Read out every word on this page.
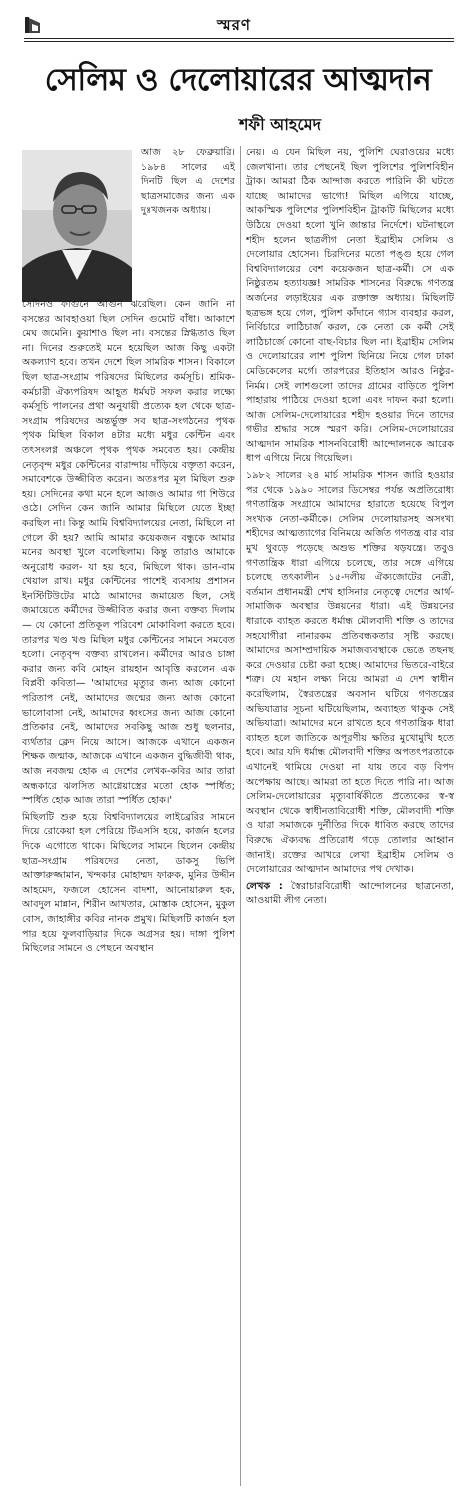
স্মরণ
সেলিম ও দেলোয়ারের আত্মদান
শফী আহমেদ

আজ ২৮ ফেব্রুয়ারি। ১৯৮৪ সালের এই দিনটি ছিল এ দেশের ছাত্রসমাজের জন্য এক দুঃখজনক অধ্যায়।

সেদিনও ফাগুনে আগুন ঝরেছিল। কেন জানি না বসন্তের আবহাওয়া ছিল সেদিন গুমোট বাঁধা। আকাশে মেঘ জমেনি। কুয়াশাও ছিল না। বসন্তের স্নিগ্ধতাও ছিল না। দিনের শুরুতেই মনে হয়েছিল আজ কিছু একটা অকল্যাণ হবে। তখন দেশে ছিল সামরিক শাসন। বিকালে ছিল ছাত্র-সংগ্রাম পরিষদের মিছিলের কর্মসূচি। শ্রমিক-কর্মচারী ঐক্যপরিষদ আহূত ধর্মঘট সফল করার লক্ষ্যে কর্মসূচি পালনের প্রথা অনুযায়ী প্রত্যেক হল থেকে ছাত্র-সংগ্রাম পরিষদের অন্তর্ভুক্ত সব ছাত্র-সংগঠনের পৃথক পৃথক মিছিল বিকাল ৪টার মধ্যে মধুর কেন্টিন এবং তৎসংলগ্ন অঞ্চলে পৃথক পৃথক সমবেত হয়। কেন্দ্রীয় নেতৃবৃন্দ মধুর কেন্টিনের বারান্দায় দাঁড়িয়ে বক্তৃতা করেন, সমাবেশকে উজ্জীবিত করেন। অতঃপর মূল মিছিল শুরু হয়। সেদিনের কথা মনে হলে আজও আমার গা শিউরে ওঠে। সেদিন কেন জানি আমার মিছিলে যেতে ইচ্ছা করছিল না। কিন্তু আমি বিশ্ববিদ্যালয়ের নেতা, মিছিলে না গেলে কী হয়? আমি আমার কয়েকজন বন্ধুকে আমার মনের অবস্থা খুলে বলেছিলাম। কিন্তু তারাও আমাকে অনুরোধ করল- যা হয় হবে, মিছিলে থাক। ডান-বাম খেয়াল রাখ। মধুর কেন্টিনের পাশেই ব্যবসায় প্রশাসন ইনস্টিটিউটের মাঠে আমাদের জমায়েত ছিল, সেই জমায়েতে কর্মীদের উজ্জীবিত করার জন্য বক্তব্য দিলাম— যে কোনো প্রতিকূল পরিবেশ মোকাবিলা করতে হবে। তারপর খণ্ড খণ্ড মিছিল মধুর কেন্টিনের সামনে সমবেত হলো। নেতৃবৃন্দ বক্তব্য রাখলেন। কর্মীদের আরও চাঙ্গা করার জন্য কবি মোহন রায়হান আবৃত্তি করলেন এক বিপ্লবী কবিতা— 'আমাদের মৃত্যুর জন্য আজ কোনো পরিতাপ নেই, আমাদের জন্মের জন্য আজ কোনো ভালোবাসা নেই, আমাদের ধ্বংসের জন্য আজ কোনো প্রতিকার নেই, আমাদের সবকিছু আজ শুধু ছলনার, ব্যর্থতার ক্লেদ নিয়ে আসে। আজকে এখানে একজন শিক্ষক জন্মাক, আজকে এখানে একজন বুদ্ধিজীবী থাক, আজ নবজন্ম হোক এ দেশের লেখক-কবির আর তারা অন্ধকারে ঝলসিত আগ্নেয়াস্ত্রের মতো হোক স্পর্ধিত; স্পর্ধিত হোক আজ তারা স্পর্ধিত হোক।'

মিছিলটি শুরু হয়ে বিশ্ববিদ্যালয়ের লাইব্রেরির সামনে দিয়ে রোকেয়া হল পেরিয়ে টিএসসি হয়ে, কার্জন হলের দিকে এগোতে থাকে। মিছিলের সামনে ছিলেন কেন্দ্রীয় ছাত্র-সংগ্রাম পরিষদের নেতা, ডাকসু ভিপি আক্তারুজ্জামান, খন্দকার মোহাম্মদ ফারুক, মুনির উদ্দীন আহমেদ, ফজলে হোসেন বাদশা, আনোয়ারুল হক, আবদুল মান্নান, শিরীন আখতার, মোস্তাক হোসেন, মুকুল বোস, জাহাঙ্গীর কবির নানক প্রমুখ। মিছিলটি কার্জন হল পার হয়ে ফুলবাড়িয়ার দিকে অগ্রসর হয়। দাঙ্গা পুলিশ মিছিলের সামনে ও পেছনে অবস্থান

নেয়। এ যেন মিছিল নয়, পুলিশি ঘেরাওয়ের মধ্যে জেলখানা। তার পেছনেই ছিল পুলিশের পুলিশবিহীন ট্রাক। আমরা ঠিক আন্দাজ করতে পারিনি কী ঘটতে যাচ্ছে আমাদের ভাগ্যে! মিছিল এগিয়ে যাচ্ছে, আকস্মিক পুলিশের পুলিশবিহীন ট্রাকটি মিছিলের মধ্যে উঠিয়ে দেওয়া হলো খুনি জান্তার নির্দেশে। ঘটনাস্থলে শহীদ হলেন ছাত্রলীগ নেতা ইব্রাহীম সেলিম ও দেলোয়ার হোসেন। চিরদিনের মতো পঙ্গু হয়ে গেল বিশ্ববিদ্যালয়ের বেশ কয়েকজন ছাত্র-কর্মী। সে এক নিষ্ঠুরতম হত্যাযজ্ঞ! সামরিক শাসনের বিরুদ্ধে গণতন্ত্র অর্জনের লড়াইয়ের এক রক্তাক্ত অধ্যায়। মিছিলটি ছত্রভঙ্গ হয়ে গেল, পুলিশ কাঁদানে গ্যাস ব্যবহার করল, নির্বিচারে লাঠিচার্জ করল, কে নেতা কে কর্মী সেই লাঠিচার্জে কোনো বাছ-বিচার ছিল না। ইব্রাহীম সেলিম ও দেলোয়ারের লাশ পুলিশ ছিনিয়ে নিয়ে গেল ঢাকা মেডিকেলের মর্গে। তারপরের ইতিহাস আরও নিষ্ঠুর-নির্মম। সেই লাশগুলো তাদের গ্রামের বাড়িতে পুলিশ পাহারায় পাঠিয়ে দেওয়া হলো এবং দাফন করা হলো। আজ সেলিম-দেলোয়ারের শহীদ হওয়ার দিনে তাদের গভীর শ্রদ্ধার সঙ্গে স্মরণ করি। সেলিম-দেলোয়ারের আত্মদান সামরিক শাসনবিরোধী আন্দোলনকে আরেক ধাপ এগিয়ে নিয়ে গিয়েছিল।

১৯৮২ সালের ২৪ মার্চ সামরিক শাসন জারি হওয়ার পর থেকে ১৯৯০ সালের ডিসেম্বর পর্যন্ত অপ্রতিরোধ্য গণতান্ত্রিক সংগ্রামে আমাদের হারাতে হয়েছে বিপুল সংখ্যক নেতা-কর্মীকে। সেলিম দেলোয়ারসহ অসংখ্য শহীদের আত্মত্যাগের বিনিময়ে অর্জিত গণতন্ত্র বার বার মুখ থুবড়ে পড়েছে অশুভ শক্তির ষড়যন্ত্রে। তবুও গণতান্ত্রিক ধারা এগিয়ে চলেছে, তার সঙ্গে এগিয়ে চলেছে তৎকালীন ১৫-দলীয় ঐক্যজোটের নেত্রী, বর্তমান প্রধানমন্ত্রী শেখ হাসিনার নেতৃত্বে দেশের আর্থ-সামাজিক অবস্থার উন্নয়নের ধারা। এই উন্নয়নের ধারাকে ব্যাহত করতে ধর্মান্ধ মৌলবাদী শক্তি ও তাদের সহযোগীরা নানারকম প্রতিবন্ধকতার সৃষ্টি করছে। আমাদের অসাম্প্রদায়িক সমাজব্যবস্থাকে ভেঙে তছনছ করে দেওয়ার চেষ্টা করা হচ্ছে। আমাদের ভিতরে-বাইরে শত্রু। যে মহান লক্ষ্য নিয়ে আমরা এ দেশ স্বাধীন করেছিলাম, স্বৈরতন্ত্রের অবসান ঘটিয়ে গণতন্ত্রের অভিযাত্রার সূচনা ঘটিয়েছিলাম, অব্যাহত থাকুক সেই অভিযাত্রা। আমাদের মনে রাখতে হবে গণতান্ত্রিক ধারা ব্যাহত হলে জাতিকে অপূরণীয় ক্ষতির মুখোমুখি হতে হবে। আর যদি ধর্মান্ধ মৌলবাদী শক্তির অপতৎপরতাকে এখানেই থামিয়ে দেওয়া না যায় তবে বড় বিপদ অপেক্ষায় আছে। আমরা তা হতে দিতে পারি না। আজ সেলিম-দেলোয়ারের মৃত্যুবার্ষিকীতে প্রত্যেকের স্ব-স্ব অবস্থান থেকে স্বাধীনতাবিরোধী শক্তি, মৌলবাদী শক্তি ও যারা সমাজকে দুর্নীতির দিকে ধাবিত করছে তাদের বিরুদ্ধে ঐক্যবদ্ধ প্রতিরোধ গড়ে তোলার আহ্বান জানাই। রক্তের আখরে লেখা ইব্রাহীম সেলিম ও দেলোয়ারের আত্মদান আমাদের পথ দেখাক।

লেখক : স্বৈরাচারবিরোধী আন্দোলনের ছাত্রনেতা, আওয়ামী লীগ নেতা।
